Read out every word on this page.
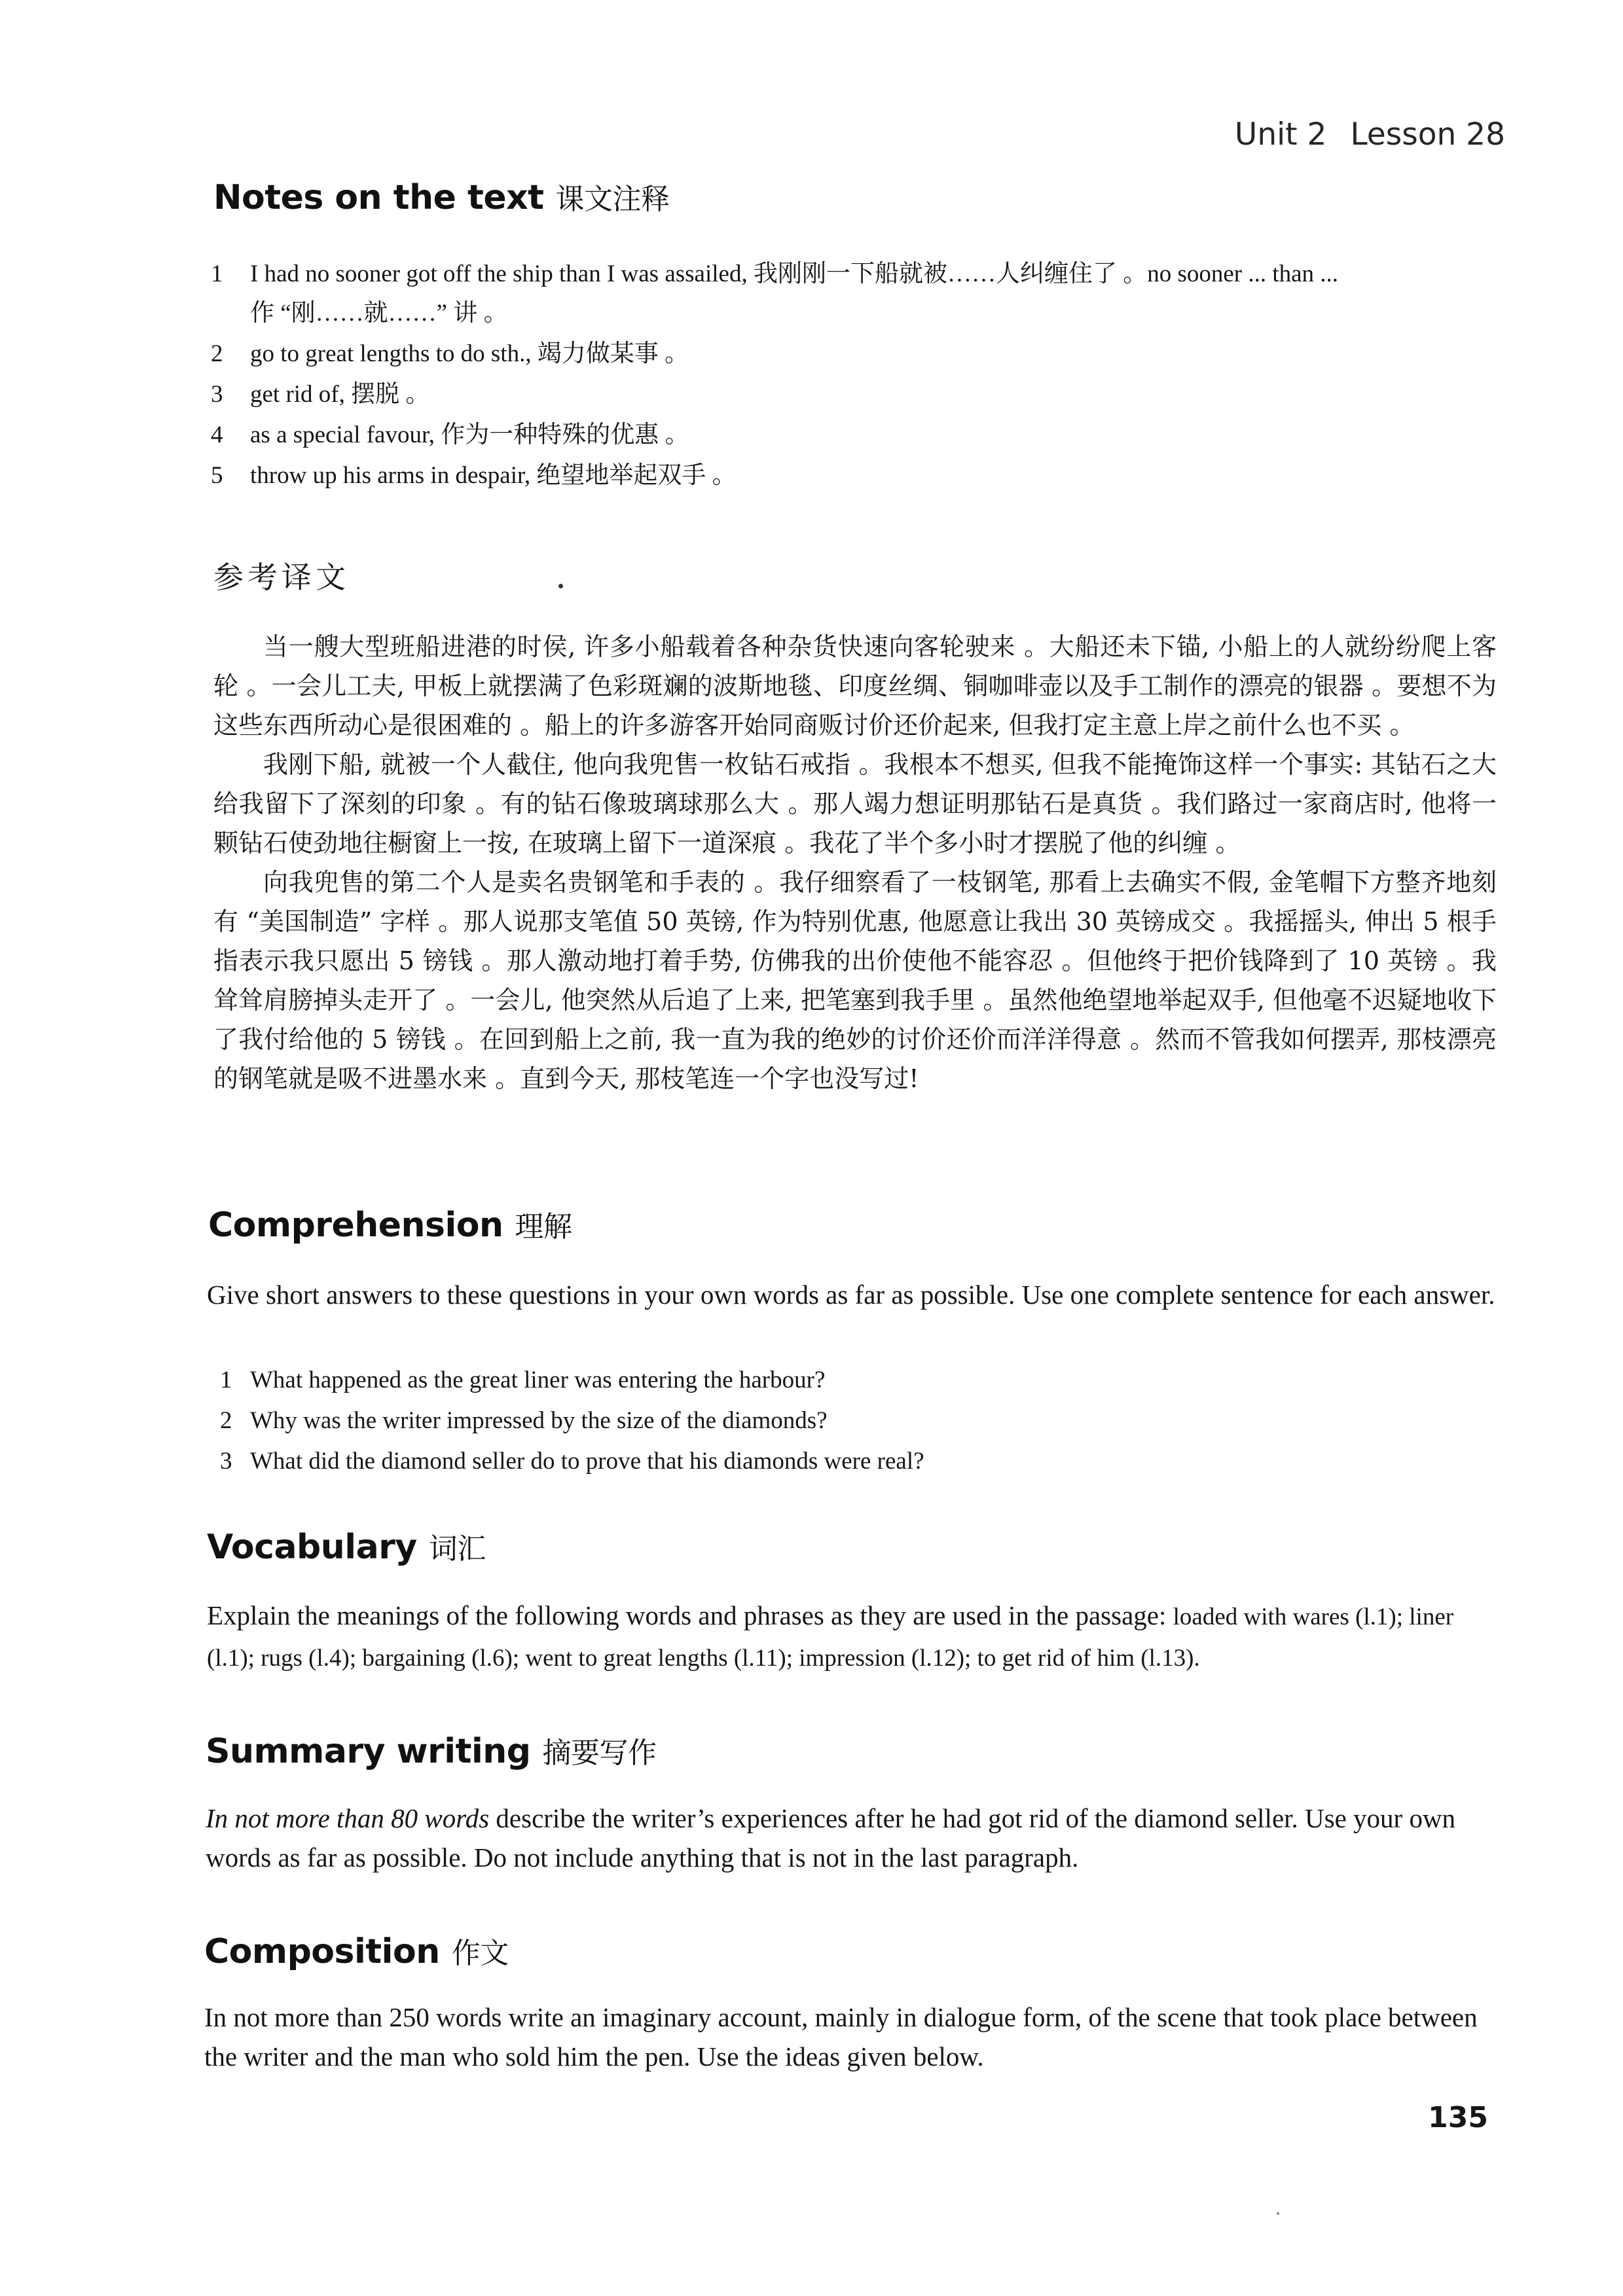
Unit 2 Lesson 28
Notes on the text 课文注释
1	I had no sooner got off the ship than I was assailed, 我刚刚一下船就被……人纠缠住了 。no sooner ... than ...
作 “刚……就……” 讲 。
2	go to great lengths to do sth., 竭力做某事 。
3	get rid of, 摆脱 。
4	as a special favour, 作为一种特殊的优惠 。
5	throw up his arms in despair, 绝望地举起双手 。
参考译文

当一艘大型班船进港的时侯, 许多小船载着各种杂货快速向客轮驶来 。大船还未下锚, 小船上的人就纷纷爬上客轮 。一会儿工夫, 甲板上就摆满了色彩斑斓的波斯地毯、印度丝绸、铜咖啡壶以及手工制作的漂亮的银器 。要想不为这些东西所动心是很困难的 。船上的许多游客开始同商贩讨价还价起来, 但我打定主意上岸之前什么也不买 。

我刚下船, 就被一个人截住, 他向我兜售一枚钻石戒指 。我根本不想买, 但我不能掩饰这样一个事实: 其钻石之大给我留下了深刻的印象 。有的钻石像玻璃球那么大 。那人竭力想证明那钻石是真货 。我们路过一家商店时, 他将一颗钻石使劲地往橱窗上一按, 在玻璃上留下一道深痕 。我花了半个多小时才摆脱了他的纠缠 。

向我兜售的第二个人是卖名贵钢笔和手表的 。我仔细察看了一枝钢笔, 那看上去确实不假, 金笔帽下方整齐地刻有 “美国制造” 字样 。那人说那支笔值 50 英镑, 作为特别优惠, 他愿意让我出 30 英镑成交 。我摇摇头, 伸出 5 根手指表示我只愿出 5 镑钱 。那人激动地打着手势, 仿佛我的出价使他不能容忍 。但他终于把价钱降到了 10 英镑 。我耸耸肩膀掉头走开了 。一会儿, 他突然从后追了上来, 把笔塞到我手里 。虽然他绝望地举起双手, 但他毫不迟疑地收下了我付给他的 5 镑钱 。在回到船上之前, 我一直为我的绝妙的讨价还价而洋洋得意 。然而不管我如何摆弄, 那枝漂亮的钢笔就是吸不进墨水来 。直到今天, 那枝笔连一个字也没写过!

Comprehension 理解
Give short answers to these questions in your own words as far as possible. Use one complete sentence for each answer.
1 What happened as the great liner was entering the harbour?
2 Why was the writer impressed by the size of the diamonds?
3 What did the diamond seller do to prove that his diamonds were real?
Vocabulary 词汇
Explain the meanings of the following words and phrases as they are used in the passage: loaded with wares (l.1); liner (l.1); rugs (l.4); bargaining (l.6); went to great lengths (l.11); impression (l.12); to get rid of him (l.13).
Summary writing 摘要写作
In not more than 80 words describe the writer’s experiences after he had got rid of the diamond seller. Use your own words as far as possible. Do not include anything that is not in the last paragraph.
Composition 作文
In not more than 250 words write an imaginary account, mainly in dialogue form, of the scene that took place between the writer and the man who sold him the pen. Use the ideas given below.
135
